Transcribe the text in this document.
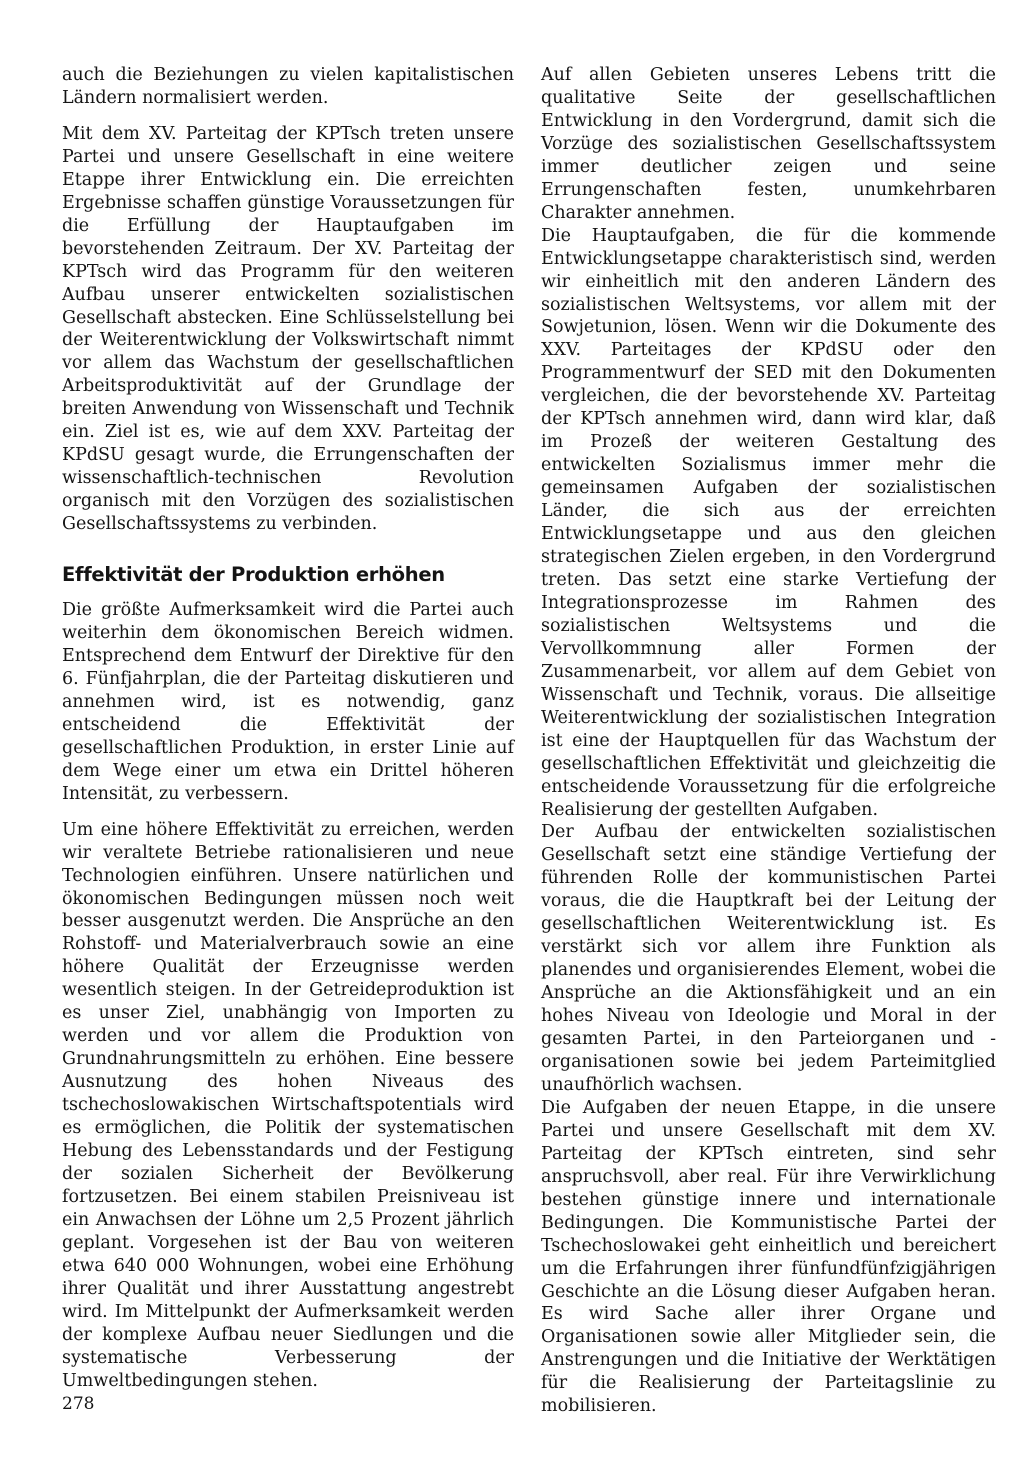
auch die Beziehungen zu vielen kapitalistischen Ländern normalisiert werden.

Mit dem XV. Parteitag der KPTsch treten unsere Partei und unsere Gesellschaft in eine weitere Etappe ihrer Entwicklung ein. Die erreichten Ergebnisse schaffen günstige Voraussetzungen für die Erfüllung der Hauptaufgaben im bevorstehenden Zeitraum. Der XV. Parteitag der KPTsch wird das Programm für den weiteren Aufbau unserer entwickelten sozialistischen Gesellschaft abstecken. Eine Schlüsselstellung bei der Weiterentwicklung der Volkswirtschaft nimmt vor allem das Wachstum der gesellschaftlichen Arbeitsproduktivität auf der Grundlage der breiten Anwendung von Wissenschaft und Technik ein. Ziel ist es, wie auf dem XXV. Parteitag der KPdSU gesagt wurde, die Errungenschaften der wissenschaftlich-technischen Revolution organisch mit den Vorzügen des sozialistischen Gesellschaftssystems zu verbinden.

Effektivität der Produktion erhöhen

Die größte Aufmerksamkeit wird die Partei auch weiterhin dem ökonomischen Bereich widmen. Entsprechend dem Entwurf der Direktive für den 6. Fünfjahrplan, die der Parteitag diskutieren und annehmen wird, ist es notwendig, ganz entscheidend die Effektivität der gesellschaftlichen Produktion, in erster Linie auf dem Wege einer um etwa ein Drittel höheren Intensität, zu verbessern.

Um eine höhere Effektivität zu erreichen, werden wir veraltete Betriebe rationalisieren und neue Technologien einführen. Unsere natürlichen und ökonomischen Bedingungen müssen noch weit besser ausgenutzt werden. Die Ansprüche an den Rohstoff- und Materialverbrauch sowie an eine höhere Qualität der Erzeugnisse werden wesentlich steigen. In der Getreideproduktion ist es unser Ziel, unabhängig von Importen zu werden und vor allem die Produktion von Grundnahrungsmitteln zu erhöhen. Eine bessere Ausnutzung des hohen Niveaus des tschechoslowakischen Wirtschaftspotentials wird es ermöglichen, die Politik der systematischen Hebung des Lebensstandards und der Festigung der sozialen Sicherheit der Bevölkerung fortzusetzen. Bei einem stabilen Preisniveau ist ein Anwachsen der Löhne um 2,5 Prozent jährlich geplant. Vorgesehen ist der Bau von weiteren etwa 640 000 Wohnungen, wobei eine Erhöhung ihrer Qualität und ihrer Ausstattung angestrebt wird. Im Mittelpunkt der Aufmerksamkeit werden der komplexe Aufbau neuer Siedlungen und die systematische Verbesserung der Umweltbedingungen stehen.

Auf allen Gebieten unseres Lebens tritt die qualitative Seite der gesellschaftlichen Entwicklung in den Vordergrund, damit sich die Vorzüge des sozialistischen Gesellschaftssystem immer deutlicher zeigen und seine Errungenschaften festen, unumkehrbaren Charakter annehmen.

Die Hauptaufgaben, die für die kommende Entwicklungsetappe charakteristisch sind, werden wir einheitlich mit den anderen Ländern des sozialistischen Weltsystems, vor allem mit der Sowjetunion, lösen. Wenn wir die Dokumente des XXV. Parteitages der KPdSU oder den Programmentwurf der SED mit den Dokumenten vergleichen, die der bevorstehende XV. Parteitag der KPTsch annehmen wird, dann wird klar, daß im Prozeß der weiteren Gestaltung des entwickelten Sozialismus immer mehr die gemeinsamen Aufgaben der sozialistischen Länder, die sich aus der erreichten Entwicklungsetappe und aus den gleichen strategischen Zielen ergeben, in den Vordergrund treten. Das setzt eine starke Vertiefung der Integrationsprozesse im Rahmen des sozialistischen Weltsystems und die Vervollkommnung aller Formen der Zusammenarbeit, vor allem auf dem Gebiet von Wissenschaft und Technik, voraus. Die allseitige Weiterentwicklung der sozialistischen Integration ist eine der Hauptquellen für das Wachstum der gesellschaftlichen Effektivität und gleichzeitig die entscheidende Voraussetzung für die erfolgreiche Realisierung der gestellten Aufgaben.

Der Aufbau der entwickelten sozialistischen Gesellschaft setzt eine ständige Vertiefung der führenden Rolle der kommunistischen Partei voraus, die die Hauptkraft bei der Leitung der gesellschaftlichen Weiterentwicklung ist. Es verstärkt sich vor allem ihre Funktion als planendes und organisierendes Element, wobei die Ansprüche an die Aktionsfähigkeit und an ein hohes Niveau von Ideologie und Moral in der gesamten Partei, in den Parteiorganen und -organisationen sowie bei jedem Parteimitglied unaufhörlich wachsen.

Die Aufgaben der neuen Etappe, in die unsere Partei und unsere Gesellschaft mit dem XV. Parteitag der KPTsch eintreten, sind sehr anspruchsvoll, aber real. Für ihre Verwirklichung bestehen günstige innere und internationale Bedingungen. Die Kommunistische Partei der Tschechoslowakei geht einheitlich und bereichert um die Erfahrungen ihrer fünfundfünfzigjährigen Geschichte an die Lösung dieser Aufgaben heran. Es wird Sache aller ihrer Organe und Organisationen sowie aller Mitglieder sein, die Anstrengungen und die Initiative der Werktätigen für die Realisierung der Parteitagslinie zu mobilisieren.

278
